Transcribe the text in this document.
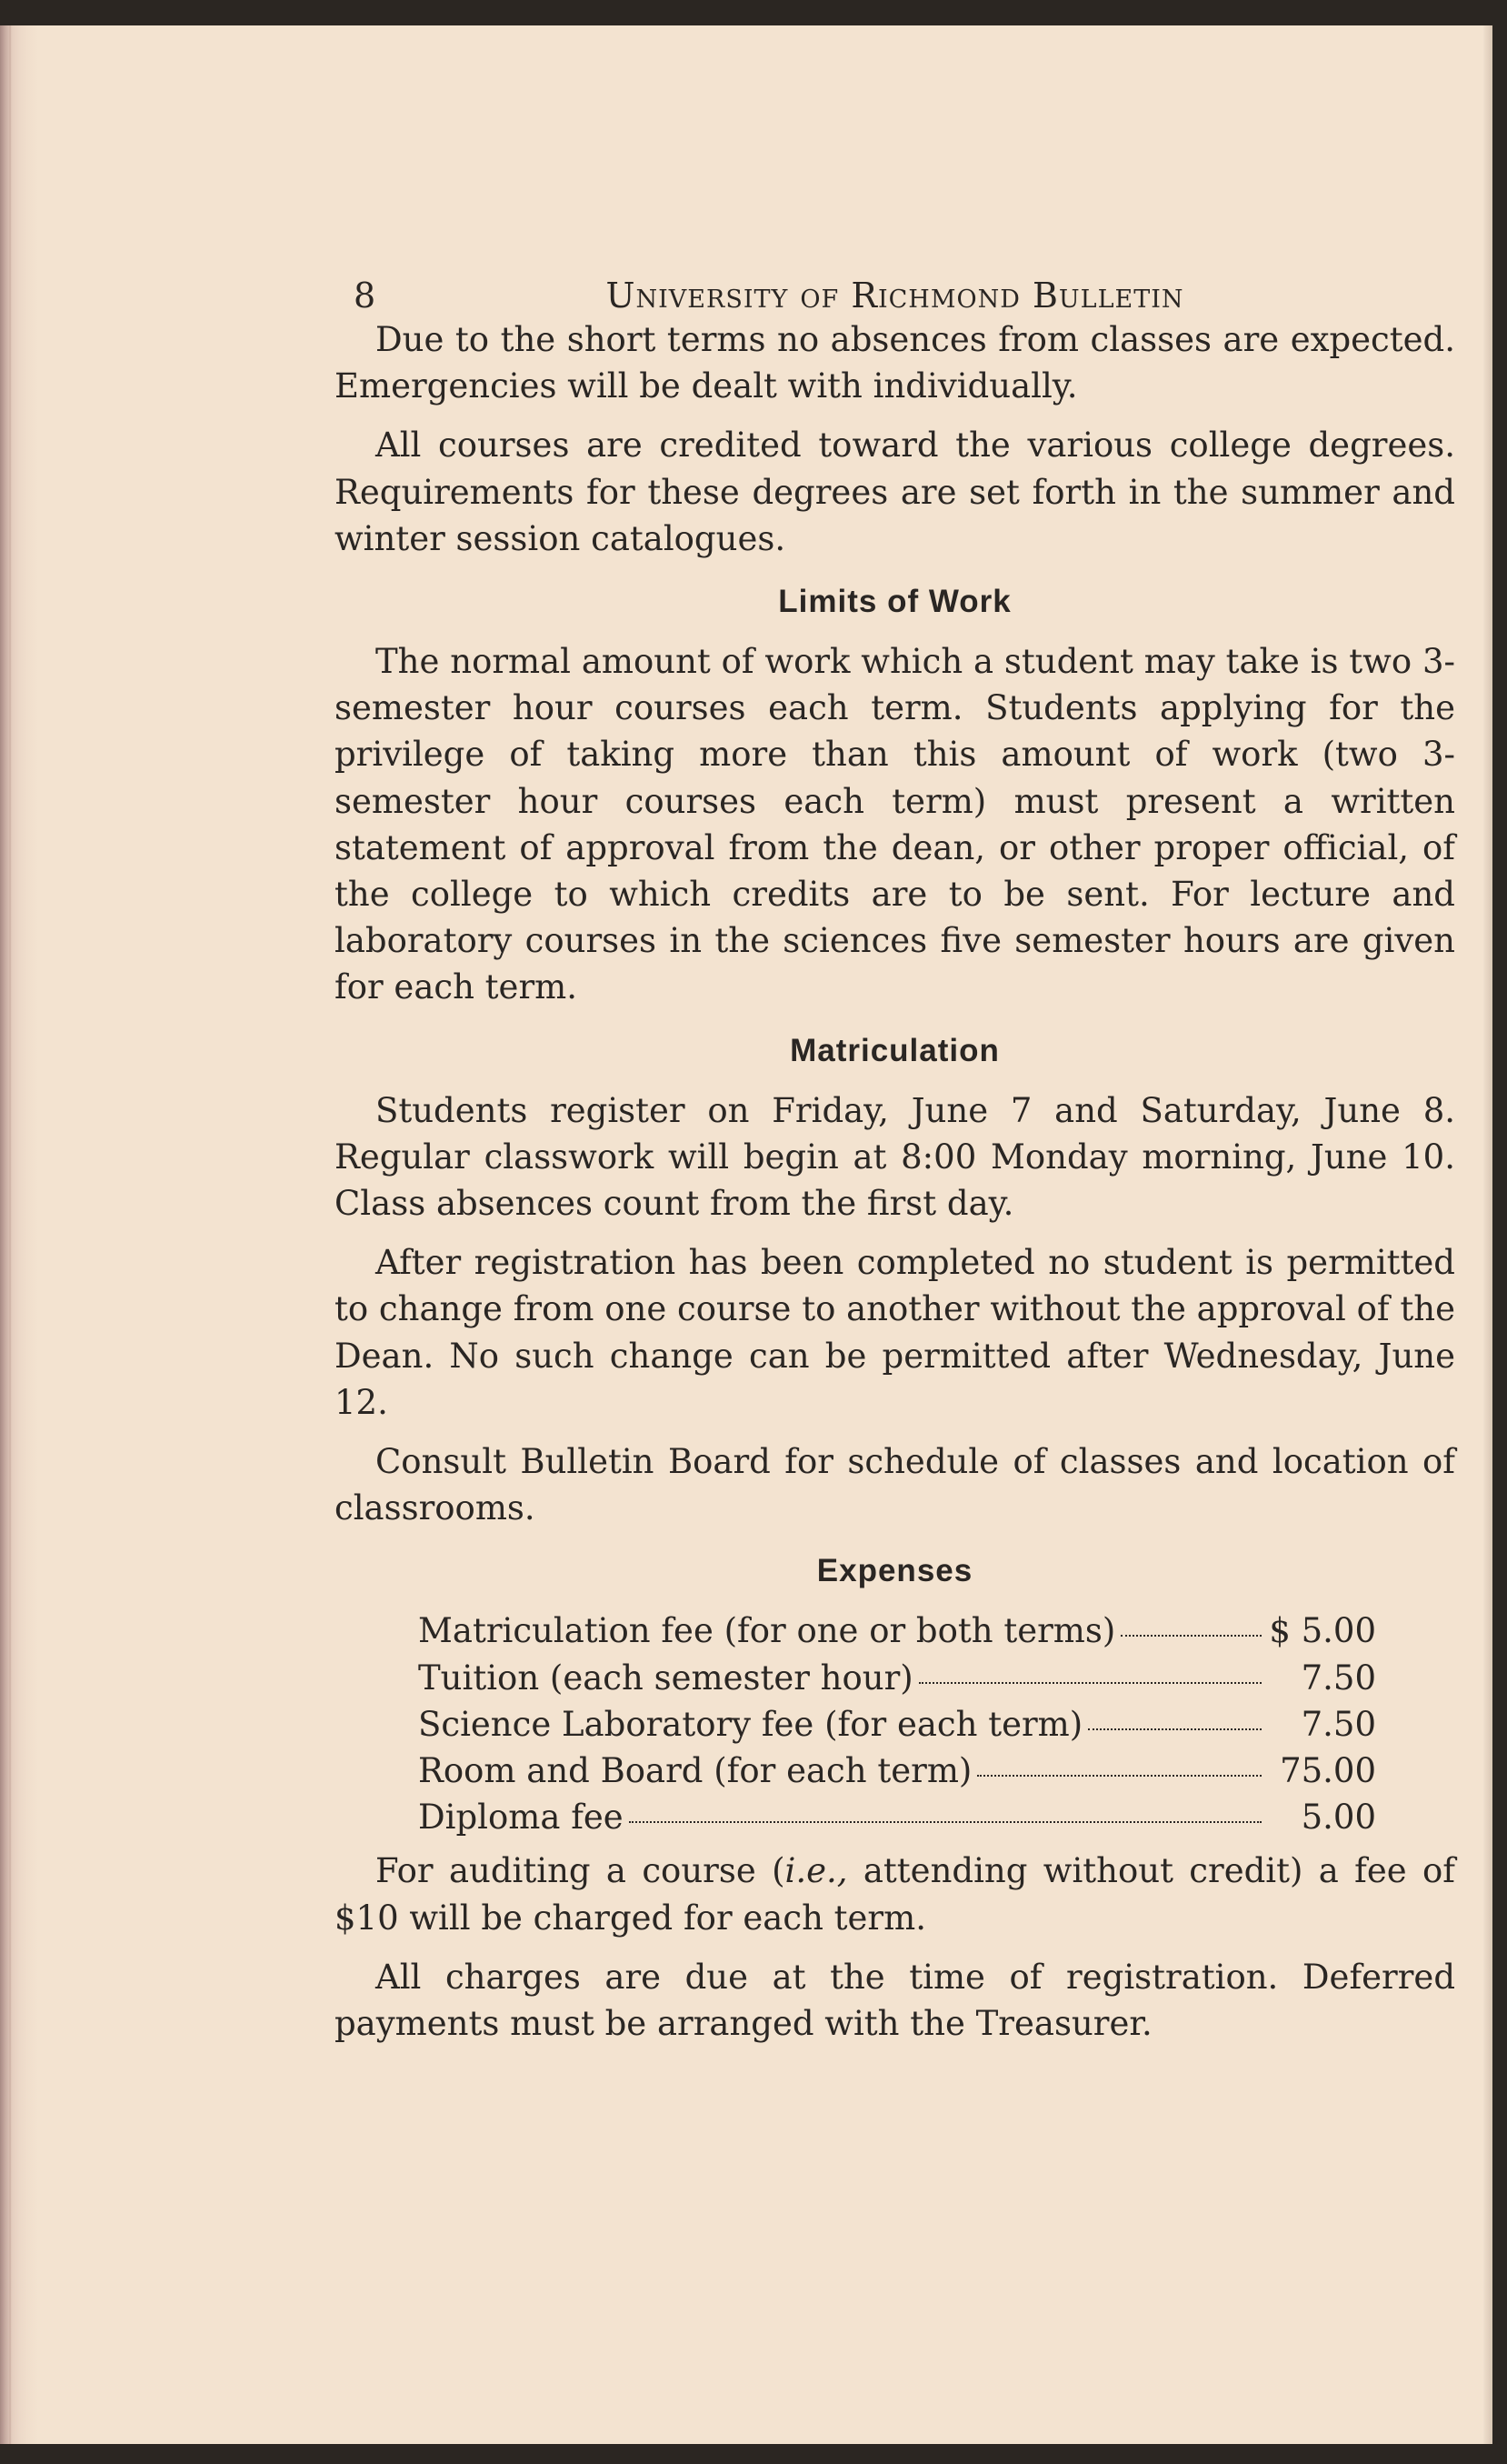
8	University of Richmond Bulletin

Due to the short terms no absences from classes are expected. Emergencies will be dealt with individually.

All courses are credited toward the various college degrees. Requirements for these degrees are set forth in the summer and winter session catalogues.

Limits of Work

The normal amount of work which a student may take is two 3-semester hour courses each term. Students applying for the privilege of taking more than this amount of work (two 3-semester hour courses each term) must present a written statement of approval from the dean, or other proper official, of the college to which credits are to be sent. For lecture and laboratory courses in the sciences five semester hours are given for each term.

Matriculation

Students register on Friday, June 7 and Saturday, June 8. Regular classwork will begin at 8:00 Monday morning, June 10. Class absences count from the first day.

After registration has been completed no student is permitted to change from one course to another without the approval of the Dean. No such change can be permitted after Wednesday, June 12.

Consult Bulletin Board for schedule of classes and location of classrooms.

Expenses
Matriculation fee (for one or both terms)	$ 5.00
Tuition (each semester hour)	7.50
Science Laboratory fee (for each term)	7.50
Room and Board (for each term)	75.00
Diploma fee	5.00

For auditing a course (i.e., attending without credit) a fee of $10 will be charged for each term.

All charges are due at the time of registration. Deferred payments must be arranged with the Treasurer.
